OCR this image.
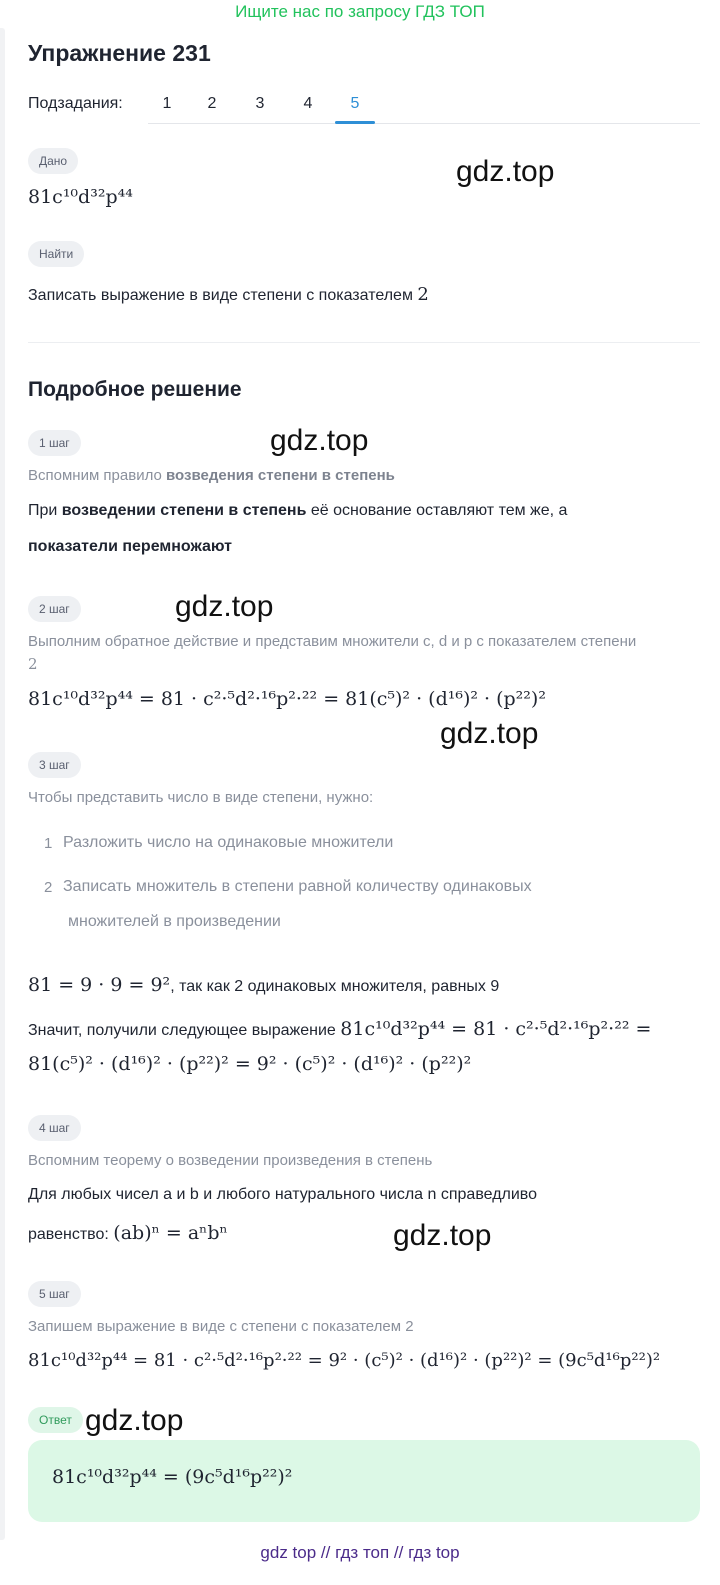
Ищите нас по запросу ГДЗ ТОП
Упражнение 231
Подзадания:	1	2	3	4	5
Дано
81c¹⁰d³²p⁴⁴
Найти
Записать выражение в виде степени с показателем 2
Подробное решение
1 шаг
Вспомним правило возведения степени в степень
При возведении степени в степень её основание оставляют тем же, а
показатели перемножают
2 шаг
Выполним обратное действие и представим множители c, d и p с показателем степени
2
81c¹⁰d³²p⁴⁴ = 81 · c²·⁵d²·¹⁶p²·²² = 81(c⁵)² · (d¹⁶)² · (p²²)²
3 шаг
Чтобы представить число в виде степени, нужно:
1 Разложить число на одинаковые множители
2 Записать множитель в степени равной количеству одинаковых
множителей в произведении
81 = 9 · 9 = 9², так как 2 одинаковых множителя, равных 9
Значит, получили следующее выражение 81c¹⁰d³²p⁴⁴ = 81 · c²·⁵d²·¹⁶p²·²² =
81(c⁵)² · (d¹⁶)² · (p²²)² = 9² · (c⁵)² · (d¹⁶)² · (p²²)²
4 шаг
Вспомним теорему о возведении произведения в степень
Для любых чисел a и b и любого натурального числа n справедливо
равенство: (ab)ⁿ = aⁿbⁿ
5 шаг
Запишем выражение в виде с степени с показателем 2
81c¹⁰d³²p⁴⁴ = 81 · c²·⁵d²·¹⁶p²·²² = 9² · (c⁵)² · (d¹⁶)² · (p²²)² = (9c⁵d¹⁶p²²)²
Ответ
81c¹⁰d³²p⁴⁴ = (9c⁵d¹⁶p²²)²
gdz.top
gdz.top
gdz.top
gdz.top
gdz.top
gdz.top
gdz top // гдз топ // гдз top
